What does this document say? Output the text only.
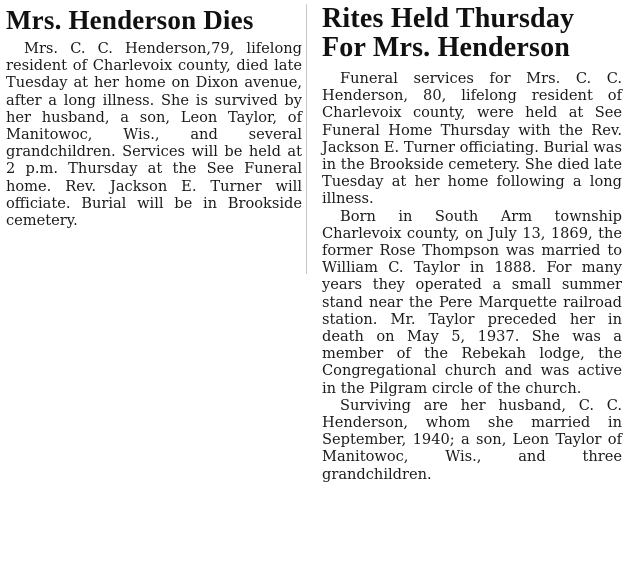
Mrs. Henderson Dies

Mrs. C. C. Henderson,79, lifelong resident of Charlevoix county, died late Tuesday at her home on Dixon avenue, after a long illness. She is survived by her husband, a son, Leon Taylor, of Manitowoc, Wis., and several grandchildren. Services will be held at 2 p.m. Thursday at the See Funeral home. Rev. Jackson E. Turner will officiate. Burial will be in Brookside cemetery.

Rites Held Thursday
For Mrs. Henderson

Funeral services for Mrs. C. C. Henderson, 80, lifelong resident of Charlevoix county, were held at See Funeral Home Thursday with the Rev. Jackson E. Turner officiating. Burial was in the Brookside cemetery. She died late Tuesday at her home following a long illness.

Born in South Arm township Charlevoix county, on July 13, 1869, the former Rose Thompson was married to William C. Taylor in 1888. For many years they operated a small summer stand near the Pere Marquette railroad station. Mr. Taylor preceded her in death on May 5, 1937. She was a member of the Rebekah lodge, the Congregational church and was active in the Pilgram circle of the church.

Surviving are her husband, C. C. Henderson, whom she married in September, 1940; a son, Leon Taylor of Manitowoc, Wis., and three grandchildren.
